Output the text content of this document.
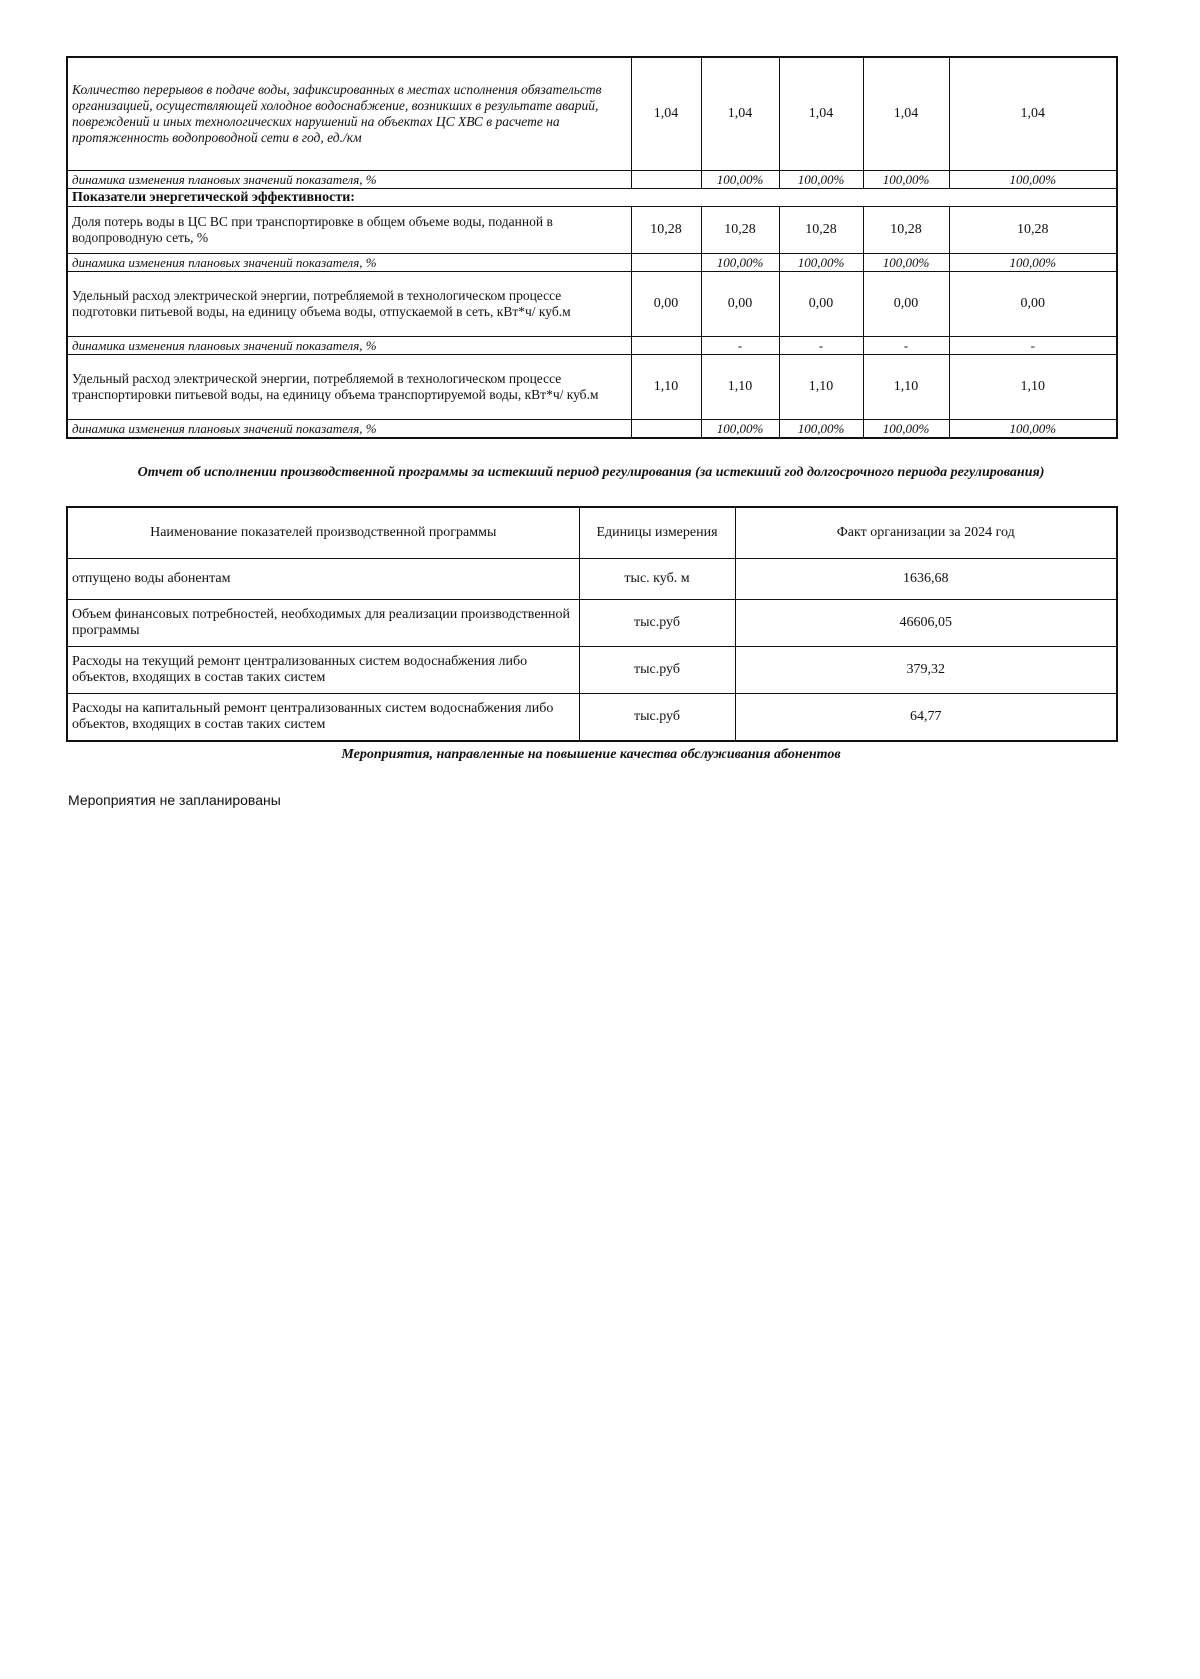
Количество перерывов в подаче воды, зафиксированных в местах исполнения обязательств организацией, осуществляющей холодное водоснабжение, возникших в результате аварий, повреждений и иных технологических нарушений на объектах ЦС ХВС в расчете на протяженность водопроводной сети в год, ед./км	1,04	1,04	1,04	1,04	1,04
динамика изменения плановых значений показателя, %		100,00%	100,00%	100,00%	100,00%
Показатели энергетической эффективности:					
Доля потерь воды в ЦС ВС при транспортировке в общем объеме воды, поданной в водопроводную сеть, %	10,28	10,28	10,28	10,28	10,28
динамика изменения плановых значений показателя, %		100,00%	100,00%	100,00%	100,00%
Удельный расход электрической энергии, потребляемой в технологическом процессе подготовки питьевой воды, на единицу объема воды, отпускаемой в сеть, кВт*ч/ куб.м	0,00	0,00	0,00	0,00	0,00
динамика изменения плановых значений показателя, %		-	-	-	-
Удельный расход электрической энергии, потребляемой в технологическом процессе транспортировки питьевой воды, на единицу объема транспортируемой воды, кВт*ч/ куб.м	1,10	1,10	1,10	1,10	1,10
динамика изменения плановых значений показателя, %		100,00%	100,00%	100,00%	100,00%
Отчет об исполнении производственной программы за истекший период регулирования (за истекший год долгосрочного периода регулирования)
Наименование показателей производственной программы	Единицы измерения	Факт организации за 2024 год
отпущено воды абонентам	тыс. куб. м	1636,68
Объем финансовых потребностей, необходимых для реализации производственной программы	тыс.руб	46606,05
Расходы на текущий ремонт централизованных систем водоснабжения либо объектов, входящих в состав таких систем	тыс.руб	379,32
Расходы на капитальный ремонт централизованных систем водоснабжения либо объектов, входящих в состав таких систем	тыс.руб	64,77
Мероприятия, направленные на повышение качества обслуживания абонентов
Мероприятия не запланированы
